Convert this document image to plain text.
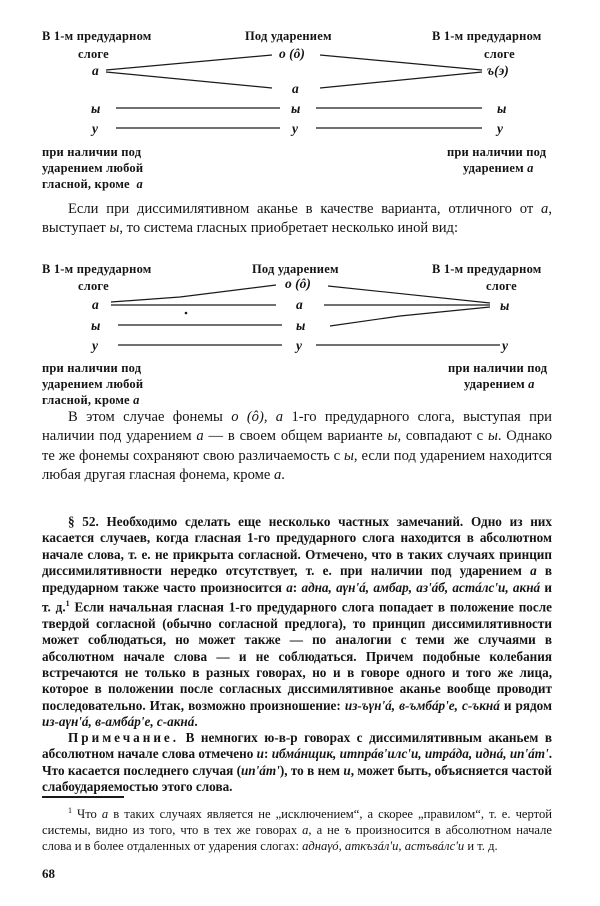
В 1-м предударном
слоге
Под ударением	В 1-м предударном
слоге
а
ы
у
о (ô)
а
ы
у
ъ(э)
ы
у
при наличии под
ударением любой
гласной, кроме а
при наличии под
ударением а

Если при диссимилятивном аканье в качестве варианта, отличного от а, выступает ы, то система гласных приобретает несколько иной вид:

В 1-м предударном
слоге
Под ударением	В 1-м предударном
слоге
а
ы
у
о (ô)
а
ы
у
ы
у
при наличии под
ударением любой
гласной, кроме а
при наличии под
ударением а

В этом случае фонемы о (ô), а 1-го предударного слога, выступая при наличии под ударением а — в своем общем варианте ы, совпадают с ы. Однако те же фонемы сохраняют свою различаемость с ы, если под ударением находится любая другая гласная фонема, кроме а.

§ 52. Необходимо сделать еще несколько частных замечаний. Одно из них касается случаев, когда гласная 1-го предударного слога находится в абсолютном начале слова, т. е. не прикрыта согласной. Отмечено, что в таких случаях принцип диссимилятивности нередко отсутствует, т. е. при наличии под ударением а в предударном также часто произносится а: адна, аγн'á, амбар, аз'áб, астáлс'и, акнá и т. д.$^1$ Если начальная гласная 1-го предударного слога попадает в положение после твердой согласной (обычно согласной предлога), то принцип диссимилятивности может соблюдаться, но может также — по аналогии с теми же случаями в абсолютном начале слова — и не соблюдаться. Причем подобные колебания встречаются не только в разных говорах, но и в говоре одного и того же лица, которое в положении после согласных диссимилятивное аканье вообще проводит последовательно. Итак, возможно произношение: из-ъγн'á, в-ъмбáр'е, с-ъкнá и рядом из-аγн'á, в-амбáр'е, с-акнá.

Примечание. В немногих ю-в-р говорах с диссимилятивным аканьем в абсолютном начале слова отмечено и: ибмáнщик, итпрáв'илс'и, итрáда, иднá, ип'áт'. Что касается последнего случая (ип'áт'), то в нем и, может быть, объясняется частой слабоударяемостью этого слова.

$^1$ Что а в таких случаях является не „исключением“, а скорее „правилом“, т. е. чертой системы, видно из того, что в тех же говорах а, а не ъ произносится в абсолютном начале слова и в более отдаленных от ударения слогах: аднаγó, аткъзáл'и, астъвáлс'и и т. д.

68
